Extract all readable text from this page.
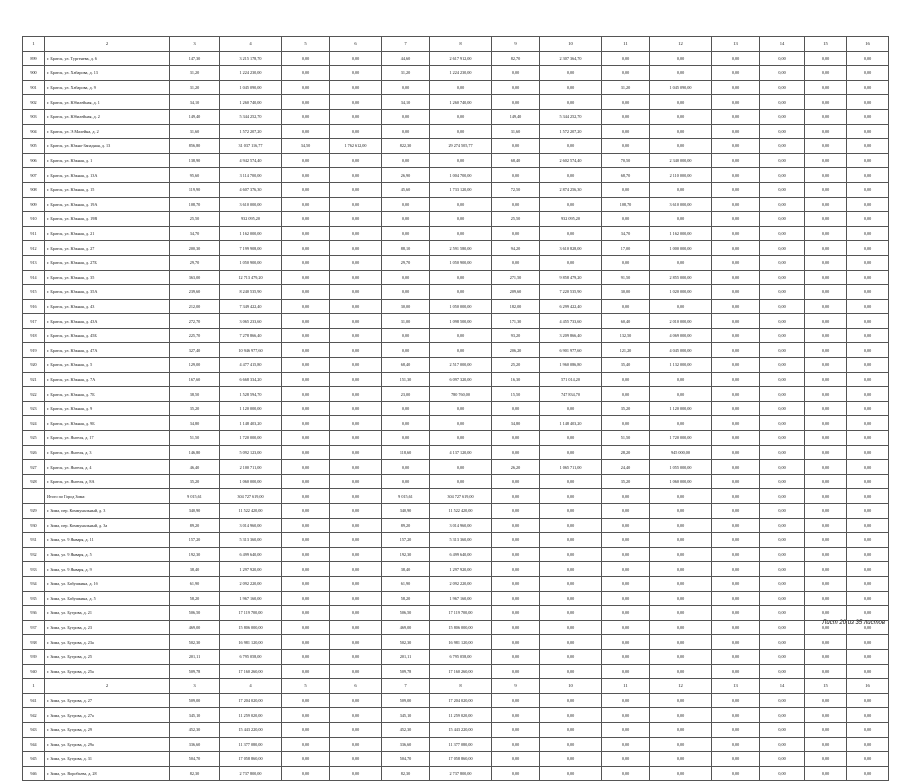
1	2	3	4	5	6	7	8	9	10	11	12	13	14	15	16
899	г. Братск, ул. Тургенева, д. 6	147,30	3 215 178,70	0,00	0,00	44,60	2 617 912,00	82,70	2 307 364,70	0,00	0,00	0,00	0,00	0,00	0,00
900	г. Братск, ул. Хабарова, д. 13	31,20	1 224 230,00	0,00	0,00	31,20	1 224 230,00	0,00	0,00	0,00	0,00	0,00	0,00	0,00	0,00
901	г. Братск, ул. Хабарова, д. 9	31,20	1 045 090,00	0,00	0,00	0,00	0,00	0,00	0,00	31,20	1 045 090,00	0,00	0,00	0,00	0,00
902	г. Братск, ул. Юбилейная, д. 1	34,10	1 260 740,00	0,00	0,00	34,10	1 260 740,00	0,00	0,00	0,00	0,00	0,00	0,00	0,00	0,00
903	г. Братск, ул. Юбилейная, д. 2	149,40	5 344 252,70	0,00	0,00	0,00	0,00	149,40	5 344 252,70	0,00	0,00	0,00	0,00	0,00	0,00
904	г. Братск, ул. Э.Малейна, д. 2	31,60	1 572 207,20	0,00	0,00	0,00	0,00	31,60	1 572 207,20	0,00	0,00	0,00	0,00	0,00	0,00
905	г. Братск, ул. Южно-Западная, д. 13	856,80	31 037 116,77	34,50	1 762 612,00	822,30	29 274 505,77	0,00	0,00	0,00	0,00	0,00	0,00	0,00	0,00
906	г. Братск, ул. Южная, д. 1	138,90	4 942 574,40	0,00	0,00	0,00	0,00	68,40	2 602 574,40	70,50	2 340 000,00	0,00	0,00	0,00	0,00
907	г. Братск, ул. Южная, д. 13А	95,60	3 114 700,00	0,00	0,00	26,90	1 004 700,00	0,00	0,00	68,70	2 110 000,00	0,00	0,00	0,00	0,00
908	г. Братск, ул. Южная, д. 15	119,90	4 607 376,30	0,00	0,00	45,60	1 733 120,00	72,50	2 874 256,30	0,00	0,00	0,00	0,00	0,00	0,00
909	г. Братск, ул. Южная, д. 19А	108,70	3 610 000,00	0,00	0,00	0,00	0,00	0,00	0,00	108,70	3 610 000,00	0,00	0,00	0,00	0,00
910	г. Братск, ул. Южная, д. 19В	25,50	932 095,20	0,00	0,00	0,00	0,00	25,50	932 095,20	0,00	0,00	0,00	0,00	0,00	0,00
911	г. Братск, ул. Южная, д. 21	34,70	1 162 000,00	0,00	0,00	0,00	0,00	0,00	0,00	34,70	1 162 000,00	0,00	0,00	0,00	0,00
912	г. Братск, ул. Южная, д. 27	200,30	7 199 908,00	0,00	0,00	88,10	2 591 580,00	94,20	3 610 828,00	17,00	1 000 000,00	0,00	0,00	0,00	0,00
913	г. Братск, ул. Южная, д. 27Б	29,70	1 050 900,00	0,00	0,00	29,70	1 050 900,00	0,00	0,00	0,00	0,00	0,00	0,00	0,00	0,00
914	г. Братск, ул. Южная, д. 35	363,00	12 713 479,20	0,00	0,00	0,00	0,00	271,50	9 858 479,20	91,50	2 855 000,00	0,00	0,00	0,00	0,00
915	г. Братск, ул. Южная, д. 35А	239,60	8 240 535,90	0,00	0,00	0,00	0,00	209,60	7 220 535,90	30,00	1 020 000,00	0,00	0,00	0,00	0,00
916	г. Братск, ул. Южная, д. 43	212,00	7 349 422,40	0,00	0,00	30,00	1 050 000,00	182,00	6 299 422,40	0,00	0,00	0,00	0,00	0,00	0,00
917	г. Братск, ул. Южная, д. 43А	272,70	3 065 233,60	0,00	0,00	31,00	1 098 500,00	171,30	4 455 733,60	60,40	2 010 000,00	0,00	0,00	0,00	0,00
918	г. Братск, ул. Южная, д. 45Б	225,70	7 278 866,40	0,00	0,00	0,00	0,00	93,20	3 209 866,40	132,50	4 069 000,00	0,00	0,00	0,00	0,00
919	г. Братск, ул. Южная, д. 47А	327,40	10 946 977,60	0,00	0,00	0,00	0,00	206,20	6 901 977,60	121,20	4 045 000,00	0,00	0,00	0,00	0,00
920	г. Братск, ул. Южная, д. 5	129,00	4 477 415,80	0,00	0,00	68,40	2 517 000,00	25,20	1 960 086,80	35,40	1 132 000,00	0,00	0,00	0,00	0,00
921	г. Братск, ул. Южная, д. 7А	167,60	6 668 334,20	0,00	0,00	151,30	6 097 320,00	16,30	571 014,20	0,00	0,00	0,00	0,00	0,00	0,00
922	г. Братск, ул. Южная, д. 7Б	38,50	1 528 594,70	0,00	0,00	23,00	780 760,00	15,50	747 834,70	0,00	0,00	0,00	0,00	0,00	0,00
923	г. Братск, ул. Южная, д. 9	35,20	1 120 000,00	0,00	0,00	0,00	0,00	0,00	0,00	35,20	1 120 000,00	0,00	0,00	0,00	0,00
924	г. Братск, ул. Южная, д. 9Б	34,80	1 148 403,20	0,00	0,00	0,00	0,00	34,80	1 148 403,20	0,00	0,00	0,00	0,00	0,00	0,00
925	г. Братск, ул. Янгеля, д. 17	51,50	1 720 000,00	0,00	0,00	0,00	0,00	0,00	0,00	51,50	1 720 000,00	0,00	0,00	0,00	0,00
926	г. Братск, ул. Янгеля, д. 3	146,80	5 092 123,00	0,00	0,00	118,60	4 137 120,00	0,00	0,00	28,20	945 000,00	0,00	0,00	0,00	0,00
927	г. Братск, ул. Янгеля, д. 4	46,40	2 100 711,00	0,00	0,00	0,00	0,00	26,20	1 065 711,00	24,40	1 055 000,00	0,00	0,00	0,00	0,00
928	г. Братск, ул. Янгеля, д. 8А	35,20	1 060 000,00	0,00	0,00	0,00	0,00	0,00	0,00	35,20	1 060 000,00	0,00	0,00	0,00	0,00
	Итого по Город Зима:	9 015,61	304 727 619,00	0,00	0,00	9 015,61	304 727 619,00	0,00	0,00	0,00	0,00	0,00	0,00	0,00	0,00
929	г. Зима, пер. Коммунальный, д. 3	340,90	11 522 420,00	0,00	0,00	340,90	11 522 420,00	0,00	0,00	0,00	0,00	0,00	0,00	0,00	0,00
930	г. Зима, пер. Коммунальный, д. 3а	89,20	3 014 960,00	0,00	0,00	89,20	3 014 960,00	0,00	0,00	0,00	0,00	0,00	0,00	0,00	0,00
931	г. Зима, ул. 9 Января, д. 11	157,20	5 313 360,00	0,00	0,00	157,20	5 313 360,00	0,00	0,00	0,00	0,00	0,00	0,00	0,00	0,00
932	г. Зима, ул. 9 Января, д. 5	192,30	6 499 640,00	0,00	0,00	192,30	6 499 640,00	0,00	0,00	0,00	0,00	0,00	0,00	0,00	0,00
933	г. Зима, ул. 9 Января, д. 9	38,40	1 297 920,00	0,00	0,00	38,40	1 297 920,00	0,00	0,00	0,00	0,00	0,00	0,00	0,00	0,00
934	г. Зима, ул. Бабушкина, д. 1б	61,90	2 092 220,00	0,00	0,00	61,90	2 092 220,00	0,00	0,00	0,00	0,00	0,00	0,00	0,00	0,00
935	г. Зима, ул. Бабушкина, д. 5	58,20	1 967 160,00	0,00	0,00	58,20	1 967 160,00	0,00	0,00	0,00	0,00	0,00	0,00	0,00	0,00
936	г. Зима, ул. Бугрова, д. 21	506,50	17 119 700,00	0,00	0,00	506,50	17 119 700,00	0,00	0,00	0,00	0,00	0,00	0,00	0,00	0,00
937	г. Зима, ул. Бугрова, д. 23	469,00	15 806 000,00	0,00	0,00	469,00	15 806 000,00	0,00	0,00	0,00	0,00	0,00	0,00	0,00	0,00
938	г. Зима, ул. Бугрова, д. 23а	502,30	16 981 120,00	0,00	0,00	502,30	16 981 120,00	0,00	0,00	0,00	0,00	0,00	0,00	0,00	0,00
939	г. Зима, ул. Бугрова, д. 25	201,11	6 795 058,00	0,00	0,00	201,11	6 795 058,00	0,00	0,00	0,00	0,00	0,00	0,00	0,00	0,00
940	г. Зима, ул. Бугрова, д. 25а	509,78	17 160 260,00	0,00	0,00	509,78	17 160 260,00	0,00	0,00	0,00	0,00	0,00	0,00	0,00	0,00
1	2	3	4	5	6	7	8	9	10	11	12	13	14	15	16
941	г. Зима, ул. Бугрова, д. 27	509,00	17 204 020,00	0,00	0,00	509,00	17 204 020,00	0,00	0,00	0,00	0,00	0,00	0,00	0,00	0,00
942	г. Зима, ул. Бугрова, д. 27а	345,10	11 259 020,00	0,00	0,00	345,10	11 259 020,00	0,00	0,00	0,00	0,00	0,00	0,00	0,00	0,00
943	г. Зима, ул. Бугрова, д. 29	452,30	15 443 220,00	0,00	0,00	452,30	15 443 220,00	0,00	0,00	0,00	0,00	0,00	0,00	0,00	0,00
944	г. Зима, ул. Бугрова, д. 29а	336,60	11 377 080,00	0,00	0,00	336,60	11 377 080,00	0,00	0,00	0,00	0,00	0,00	0,00	0,00	0,00
945	г. Зима, ул. Бугрова, д. 31	504,70	17 058 860,00	0,00	0,00	504,70	17 058 860,00	0,00	0,00	0,00	0,00	0,00	0,00	0,00	0,00
946	г. Зима, ул. Воробьева, д. 28	82,30	2 737 800,00	0,00	0,00	82,30	2 737 800,00	0,00	0,00	0,00	0,00	0,00	0,00	0,00	0,00
Лист 20 из 35 листов
